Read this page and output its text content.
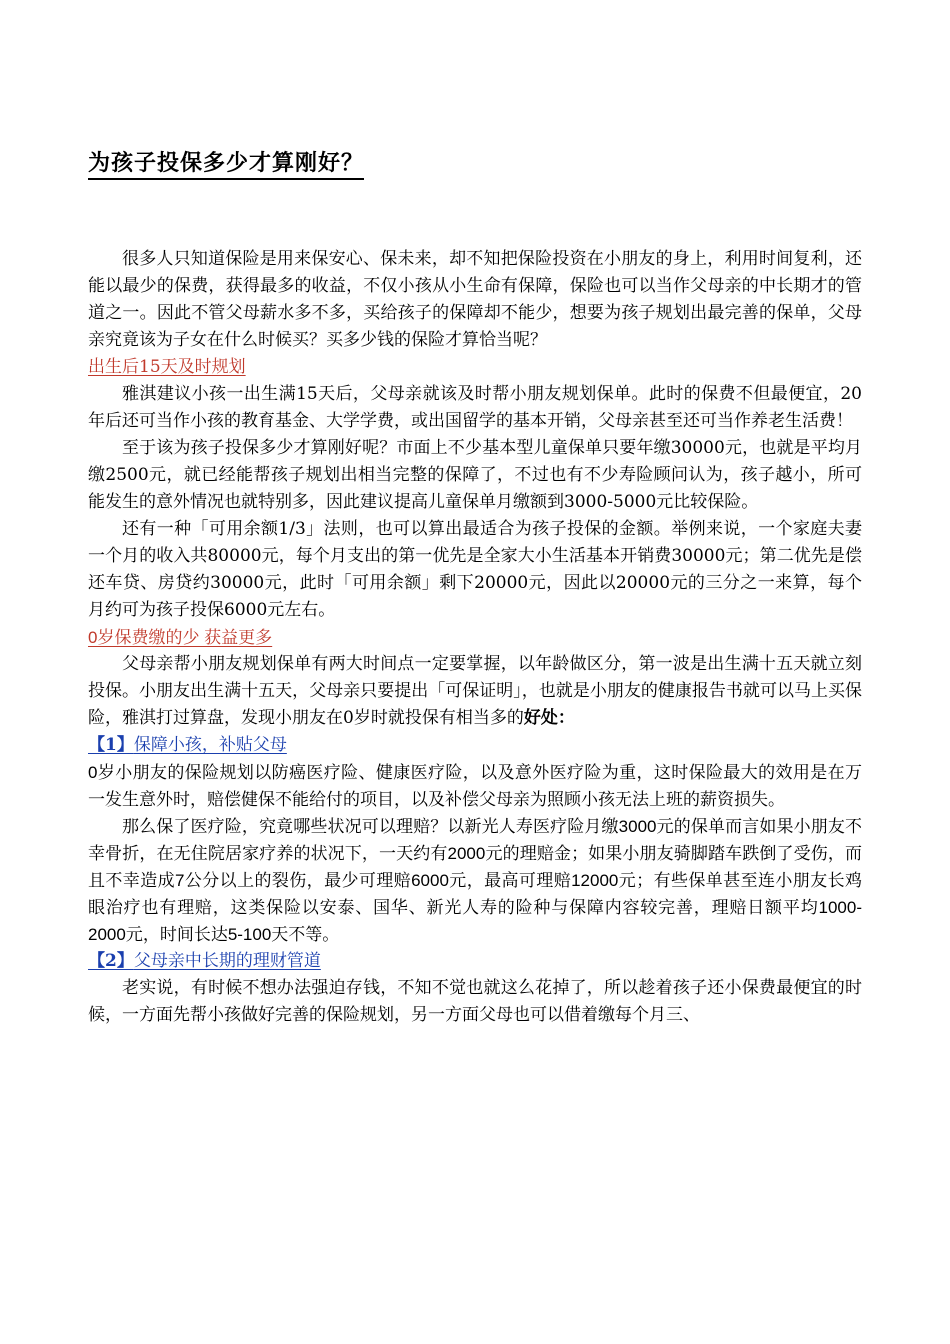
为孩子投保多少才算刚好？

很多人只知道保险是用来保安心、保未来，却不知把保险投资在小朋友的身上，利用时间复利，还能以最少的保费，获得最多的收益，不仅小孩从小生命有保障，保险也可以当作父母亲的中长期才的管道之一。因此不管父母薪水多不多，买给孩子的保障却不能少，想要为孩子规划出最完善的保单，父母亲究竟该为子女在什么时候买？买多少钱的保险才算恰当呢？

出生后15天及时规划

雅淇建议小孩一出生满15天后，父母亲就该及时帮小朋友规划保单。此时的保费不但最便宜，20年后还可当作小孩的教育基金、大学学费，或出国留学的基本开销，父母亲甚至还可当作养老生活费！

至于该为孩子投保多少才算刚好呢？市面上不少基本型儿童保单只要年缴30000元，也就是平均月缴2500元，就已经能帮孩子规划出相当完整的保障了，不过也有不少寿险顾问认为，孩子越小，所可能发生的意外情况也就特别多，因此建议提高儿童保单月缴额到3000-5000元比较保险。

还有一种「可用余额1/3」法则，也可以算出最适合为孩子投保的金额。举例来说，一个家庭夫妻一个月的收入共80000元，每个月支出的第一优先是全家大小生活基本开销费30000元；第二优先是偿还车贷、房贷约30000元，此时「可用余额」剩下20000元，因此以20000元的三分之一来算，每个月约可为孩子投保6000元左右。

0岁保费缴的少 获益更多

父母亲帮小朋友规划保单有两大时间点一定要掌握，以年龄做区分，第一波是出生满十五天就立刻投保。小朋友出生满十五天，父母亲只要提出「可保证明」，也就是小朋友的健康报告书就可以马上买保险，雅淇打过算盘，发现小朋友在0岁时就投保有相当多的好处：

【1】保障小孩，补贴父母

0岁小朋友的保险规划以防癌医疗险、健康医疗险，以及意外医疗险为重，这时保险最大的效用是在万一发生意外时，赔偿健保不能给付的项目，以及补偿父母亲为照顾小孩无法上班的薪资损失。

那么保了医疗险，究竟哪些状况可以理赔？以新光人寿医疗险月缴3000元的保单而言如果小朋友不幸骨折，在无住院居家疗养的状况下，一天约有2000元的理赔金；如果小朋友骑脚踏车跌倒了受伤，而且不幸造成7公分以上的裂伤，最少可理赔6000元，最高可理赔12000元；有些保单甚至连小朋友长鸡眼治疗也有理赔，这类保险以安泰、国华、新光人寿的险种与保障内容较完善，理赔日额平均1000-2000元，时间长达5-100天不等。

【2】父母亲中长期的理财管道

老实说，有时候不想办法强迫存钱，不知不觉也就这么花掉了，所以趁着孩子还小保费最便宜的时候，一方面先帮小孩做好完善的保险规划，另一方面父母也可以借着缴每个月三、
